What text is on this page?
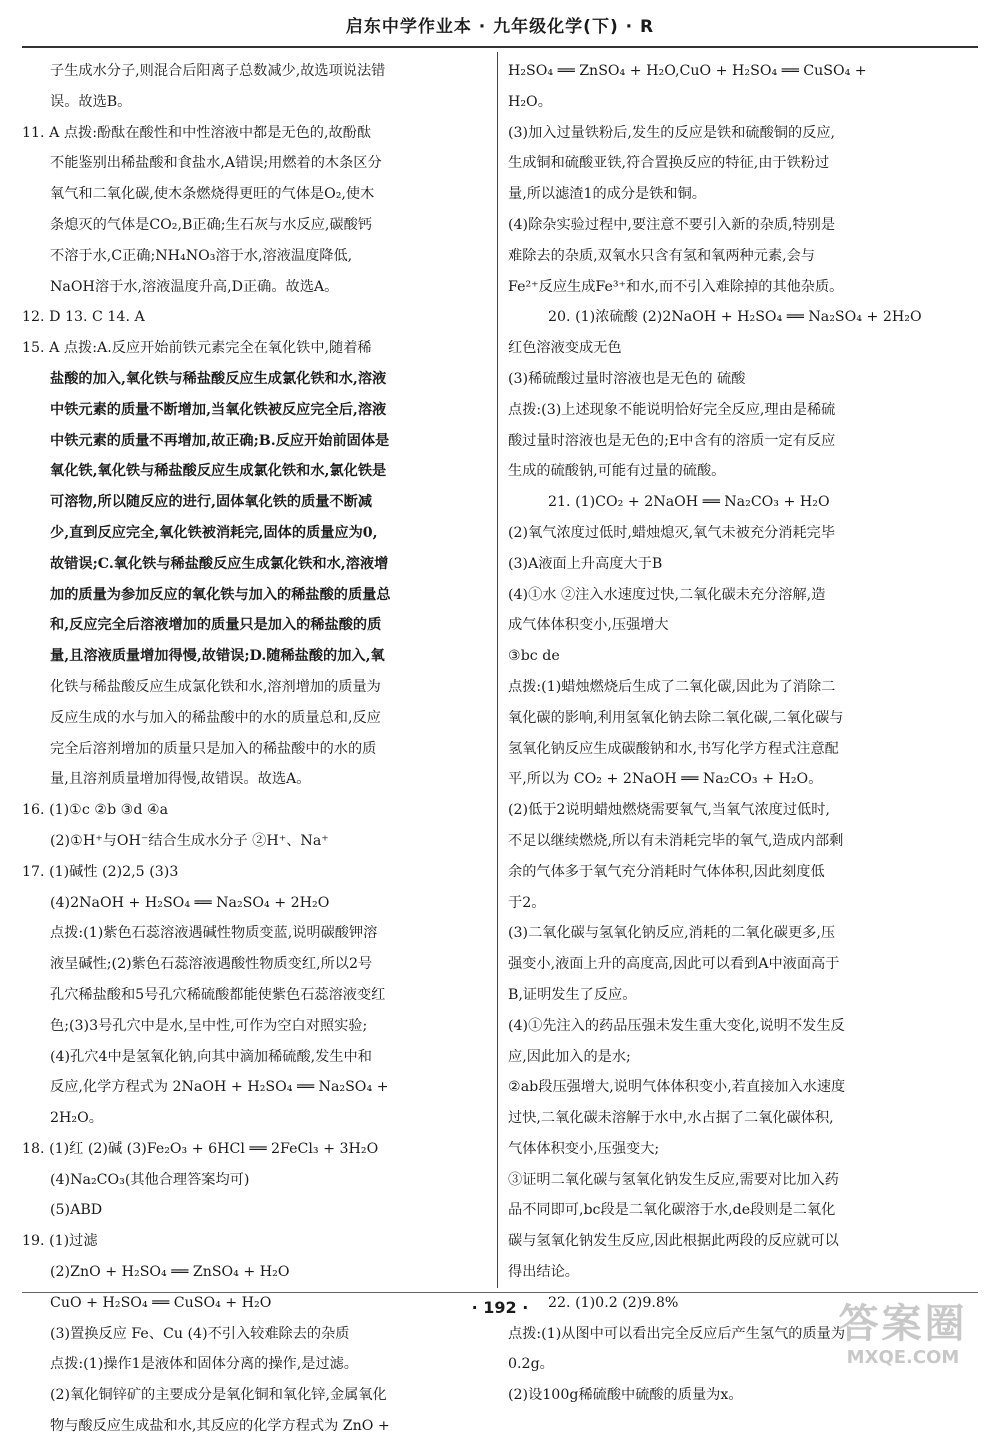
启东中学作业本 · 九年级化学(下) · R
子生成水分子,则混合后阳离子总数减少,故选项说法错
误。故选B。
11. A 点拨:酚酞在酸性和中性溶液中都是无色的,故酚酞
不能鉴别出稀盐酸和食盐水,A错误;用燃着的木条区分
氧气和二氧化碳,使木条燃烧得更旺的气体是O₂,使木
条熄灭的气体是CO₂,B正确;生石灰与水反应,碳酸钙
不溶于水,C正确;NH₄NO₃溶于水,溶液温度降低,
NaOH溶于水,溶液温度升高,D正确。故选A。
12. D 13. C 14. A
15. A 点拨:A.反应开始前铁元素完全在氧化铁中,随着稀
盐酸的加入,氧化铁与稀盐酸反应生成氯化铁和水,溶液
中铁元素的质量不断增加,当氧化铁被反应完全后,溶液
中铁元素的质量不再增加,故正确;B.反应开始前固体是
氧化铁,氧化铁与稀盐酸反应生成氯化铁和水,氯化铁是
可溶物,所以随反应的进行,固体氧化铁的质量不断减
少,直到反应完全,氧化铁被消耗完,固体的质量应为0,
故错误;C.氧化铁与稀盐酸反应生成氯化铁和水,溶液增
加的质量为参加反应的氧化铁与加入的稀盐酸的质量总
和,反应完全后溶液增加的质量只是加入的稀盐酸的质
量,且溶液质量增加得慢,故错误;D.随稀盐酸的加入,氧
化铁与稀盐酸反应生成氯化铁和水,溶剂增加的质量为
反应生成的水与加入的稀盐酸中的水的质量总和,反应
完全后溶剂增加的质量只是加入的稀盐酸中的水的质
量,且溶剂质量增加得慢,故错误。故选A。
16. (1)①c ②b ③d ④a
(2)①H⁺与OH⁻结合生成水分子 ②H⁺、Na⁺
17. (1)碱性 (2)2,5 (3)3
(4)2NaOH + H₂SO₄ ══ Na₂SO₄ + 2H₂O
点拨:(1)紫色石蕊溶液遇碱性物质变蓝,说明碳酸钾溶
液呈碱性;(2)紫色石蕊溶液遇酸性物质变红,所以2号
孔穴稀盐酸和5号孔穴稀硫酸都能使紫色石蕊溶液变红
色;(3)3号孔穴中是水,呈中性,可作为空白对照实验;
(4)孔穴4中是氢氧化钠,向其中滴加稀硫酸,发生中和
反应,化学方程式为 2NaOH + H₂SO₄ ══ Na₂SO₄ +
2H₂O。
18. (1)红 (2)碱 (3)Fe₂O₃ + 6HCl ══ 2FeCl₃ + 3H₂O
(4)Na₂CO₃(其他合理答案均可)
(5)ABD
19. (1)过滤
(2)ZnO + H₂SO₄ ══ ZnSO₄ + H₂O
CuO + H₂SO₄ ══ CuSO₄ + H₂O
(3)置换反应 Fe、Cu (4)不引入较难除去的杂质
点拨:(1)操作1是液体和固体分离的操作,是过滤。
(2)氧化铜锌矿的主要成分是氧化铜和氧化锌,金属氧化
物与酸反应生成盐和水,其反应的化学方程式为 ZnO +
H₂SO₄ ══ ZnSO₄ + H₂O,CuO + H₂SO₄ ══ CuSO₄ +
H₂O。
(3)加入过量铁粉后,发生的反应是铁和硫酸铜的反应,
生成铜和硫酸亚铁,符合置换反应的特征,由于铁粉过
量,所以滤渣1的成分是铁和铜。
(4)除杂实验过程中,要注意不要引入新的杂质,特别是
难除去的杂质,双氧水只含有氢和氧两种元素,会与
Fe²⁺反应生成Fe³⁺和水,而不引入难除掉的其他杂质。
20. (1)浓硫酸 (2)2NaOH + H₂SO₄ ══ Na₂SO₄ + 2H₂O
红色溶液变成无色
(3)稀硫酸过量时溶液也是无色的 硫酸
点拨:(3)上述现象不能说明恰好完全反应,理由是稀硫
酸过量时溶液也是无色的;E中含有的溶质一定有反应
生成的硫酸钠,可能有过量的硫酸。
21. (1)CO₂ + 2NaOH ══ Na₂CO₃ + H₂O
(2)氧气浓度过低时,蜡烛熄灭,氧气未被充分消耗完毕
(3)A液面上升高度大于B
(4)①水 ②注入水速度过快,二氧化碳未充分溶解,造
成气体体积变小,压强增大
③bc de
点拨:(1)蜡烛燃烧后生成了二氧化碳,因此为了消除二
氧化碳的影响,利用氢氧化钠去除二氧化碳,二氧化碳与
氢氧化钠反应生成碳酸钠和水,书写化学方程式注意配
平,所以为 CO₂ + 2NaOH ══ Na₂CO₃ + H₂O。
(2)低于2说明蜡烛燃烧需要氧气,当氧气浓度过低时,
不足以继续燃烧,所以有未消耗完毕的氧气,造成内部剩
余的气体多于氧气充分消耗时气体体积,因此刻度低
于2。
(3)二氧化碳与氢氧化钠反应,消耗的二氧化碳更多,压
强变小,液面上升的高度高,因此可以看到A中液面高于
B,证明发生了反应。
(4)①先注入的药品压强未发生重大变化,说明不发生反
应,因此加入的是水;
②ab段压强增大,说明气体体积变小,若直接加入水速度
过快,二氧化碳未溶解于水中,水占据了二氧化碳体积,
气体体积变小,压强变大;
③证明二氧化碳与氢氧化钠发生反应,需要对比加入药
品不同即可,bc段是二氧化碳溶于水,de段则是二氧化
碳与氢氧化钠发生反应,因此根据此两段的反应就可以
得出结论。
22. (1)0.2 (2)9.8%
点拨:(1)从图中可以看出完全反应后产生氢气的质量为
0.2g。
(2)设100g稀硫酸中硫酸的质量为x。
· 192 ·	答案圈
MXQE.COM
